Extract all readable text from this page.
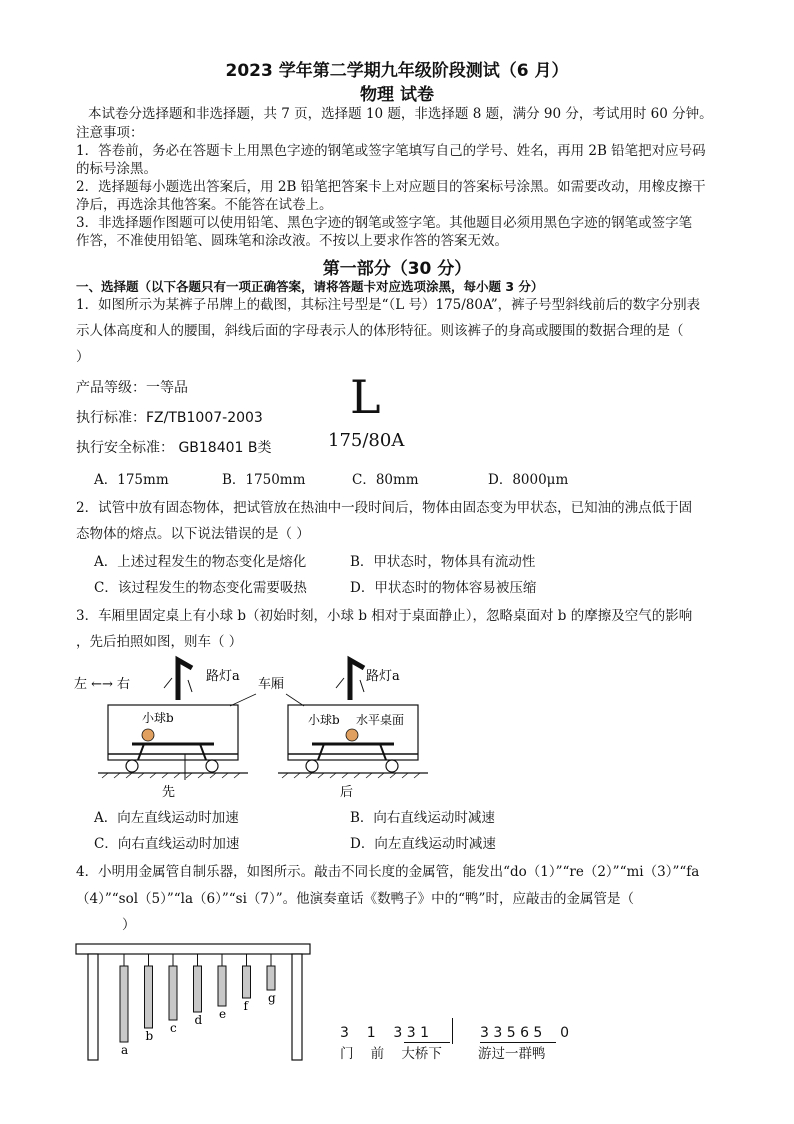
2023 学年第二学期九年级阶段测试（6 月）
物理 试卷
本试卷分选择题和非选择题，共 7 页，选择题 10 题，非选择题 8 题，满分 90 分，考试用时 60 分钟。
注意事项：
1．答卷前，务必在答题卡上用黑色字迹的钢笔或签字笔填写自己的学号、姓名，再用 2B 铅笔把对应号码
的标号涂黑。
2．选择题每小题选出答案后，用 2B 铅笔把答案卡上对应题目的答案标号涂黑。如需要改动，用橡皮擦干
净后，再选涂其他答案。不能答在试卷上。
3．非选择题作图题可以使用铅笔、黑色字迹的钢笔或签字笔。其他题目必须用黑色字迹的钢笔或签字笔
作答，不准使用铅笔、圆珠笔和涂改液。不按以上要求作答的答案无效。
第一部分（30 分）
一、选择题（以下各题只有一项正确答案，请将答题卡对应选项涂黑，每小题 3 分）
1．如图所示为某裤子吊牌上的截图，其标注号型是“（L 号）175/80A”，裤子号型斜线前后的数字分别表
示人体高度和人的腰围，斜线后面的字母表示人的体形特征。则该裤子的身高或腰围的数据合理的是（
）
产品等级：一等品
执行标准：FZ/TB1007-2003
执行安全标准： GB18401 B类
L
175/80A
A．175mm	B．1750mm	C．80mm	D．8000μm
2．试管中放有固态物体，把试管放在热油中一段时间后，物体由固态变为甲状态，已知油的沸点低于固
态物体的熔点。以下说法错误的是（ ）
A．上述过程发生的物态变化是熔化	B．甲状态时，物体具有流动性
C．该过程发生的物态变化需要吸热	D．甲状态时的物体容易被压缩
3．车厢里固定桌上有小球 b（初始时刻，小球 b 相对于桌面静止），忽略桌面对 b 的摩擦及空气的影响
，先后拍照如图，则车（ ）
左 ←→ 右
路灯a
小球b
先
车厢
路灯a
小球b 水平桌面
后
A．向左直线运动时加速	B．向右直线运动时减速
C．向右直线运动时加速	D．向左直线运动时减速
4．小明用金属管自制乐器，如图所示。敲击不同长度的金属管，能发出“do（1）”“re（2）”“mi（3）”“fa
（4）”“sol（5）”“la（6）”“si（7）”。他演奏童话《数鸭子》中的“鸭”时，应敲击的金属管是（
）
a
b
c
d e
f
g
3    1    3 3 1	3 3 5 6 5    0
门    前    大桥下	游过一群鸭
